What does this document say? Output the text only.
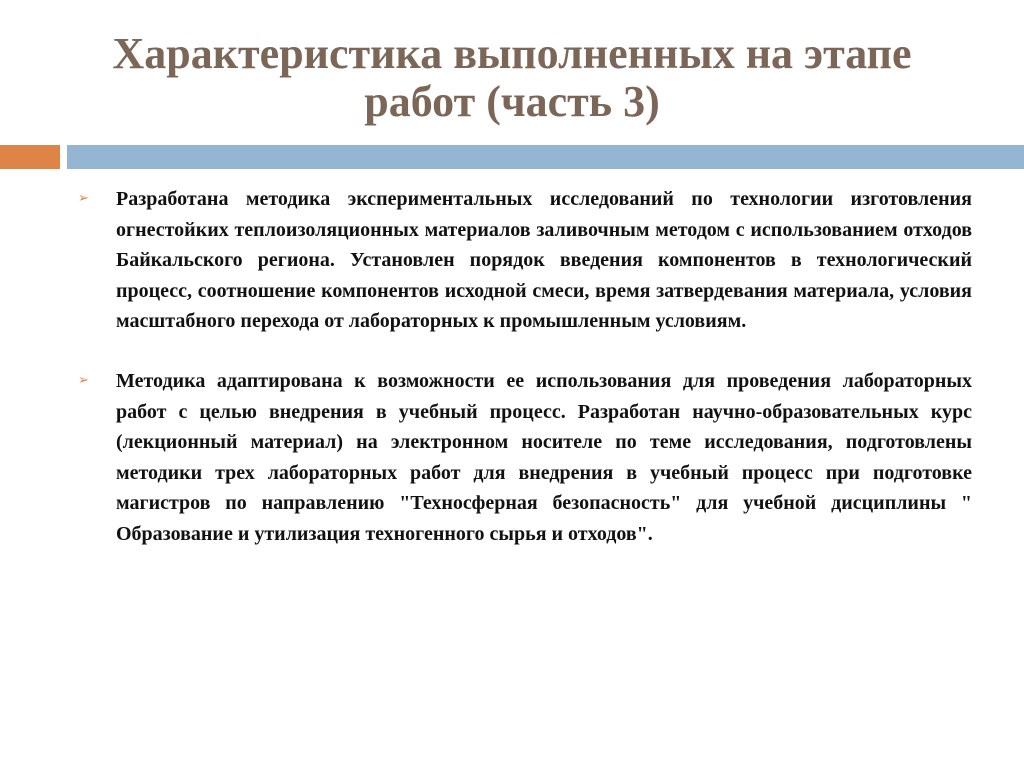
Характеристика выполненных на этапе работ (часть 3)
➢ Разработана методика экспериментальных исследований по технологии изготовления огнестойких теплоизоляционных материалов заливочным методом с использованием отходов Байкальского региона. Установлен порядок введения компонентов в технологический процесс, соотношение компонентов исходной смеси, время затвердевания материала, условия масштабного перехода от лабораторных к промышленным условиям.
➢ Методика адаптирована к возможности ее использования для проведения лабораторных работ с целью внедрения в учебный процесс. Разработан научно-образовательных курс (лекционный материал) на электронном носителе по теме исследования, подготовлены методики трех лабораторных работ для внедрения в учебный процесс при подготовке магистров по направлению "Техносферная безопасность" для учебной дисциплины " Образование и утилизация техногенного сырья и отходов".
